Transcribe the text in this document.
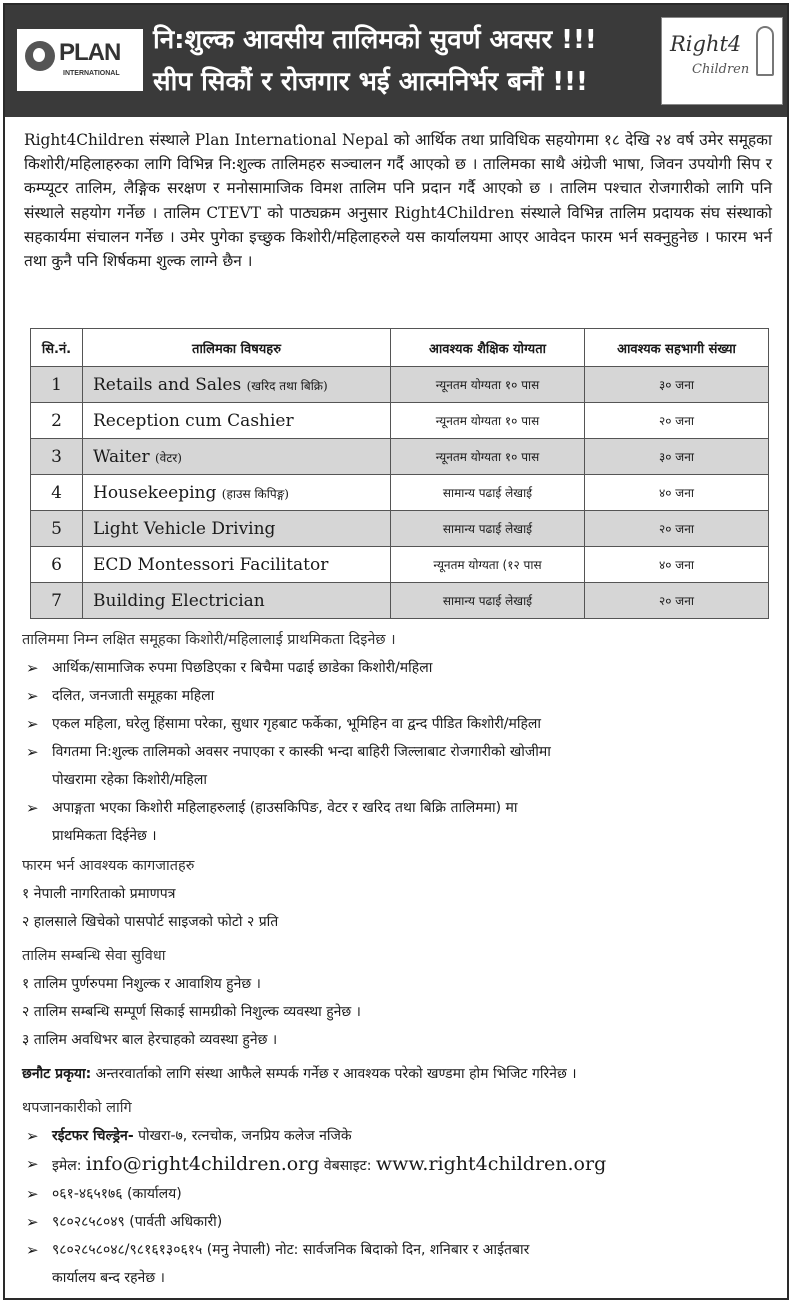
PLAN
INTERNATIONAL
नि:शुल्क आवसीय तालिमको सुवर्ण अवसर !!!
सीप सिकौं र रोजगार भई आत्मनिर्भर बनौं !!!
Right4
Children

Right4Children संस्थाले Plan International Nepal को आर्थिक तथा प्राविधिक सहयोगमा १८ देखि २४ वर्ष उमेर समूहका किशोरी/महिलाहरुका लागि विभिन्न नि:शुल्क तालिमहरु सञ्चालन गर्दै आएको छ । तालिमका साथै अंग्रेजी भाषा, जिवन उपयोगी सिप र कम्प्यूटर तालिम, लैङ्गिक सरक्षण र मनोसामाजिक विमश तालिम पनि प्रदान गर्दै आएको छ । तालिम पश्चात रोजगारीको लागि पनि संस्थाले सहयोग गर्नेछ । तालिम CTEVT को पाठ्यक्रम अनुसार Right4Children संस्थाले विभिन्न तालिम प्रदायक संघ संस्थाको सहकार्यमा संचालन गर्नेछ । उमेर पुगेका इच्छुक किशोरी/महिलाहरुले यस कार्यालयमा आएर आवेदन फारम भर्न सक्नुहुनेछ । फारम भर्न तथा कुनै पनि शिर्षकमा शुल्क लाग्ने छैन ।

सि.नं.	तालिमका विषयहरु	आवश्यक शैक्षिक योग्यता	आवश्यक सहभागी संख्या
1	Retails and Sales (खरिद तथा बिक्रि)	न्यूनतम योग्यता १० पास	३० जना
2	Reception cum Cashier	न्यूनतम योग्यता १० पास	२० जना
3	Waiter (वेटर)	न्यूनतम योग्यता १० पास	३० जना
4	Housekeeping (हाउस किपिङ्ग)	सामान्य पढाई लेखाई	४० जना
5	Light Vehicle Driving	सामान्य पढाई लेखाई	२० जना
6	ECD Montessori Facilitator	न्यूनतम योग्यता (१२ पास	४० जना
7	Building Electrician	सामान्य पढाई लेखाई	२० जना
तालिममा निम्न लक्षित समूहका किशोरी/महिलालाई प्राथमिकता दिइनेछ ।
➢ आर्थिक/सामाजिक रुपमा पिछडिएका र बिचैमा पढाई छाडेका किशोरी/महिला
➢ दलित, जनजाती समूहका महिला
➢ एकल महिला, घरेलु हिंसामा परेका, सुधार गृहबाट फर्केका, भूमिहिन वा द्वन्द पीडित किशोरी/महिला
➢ विगतमा नि:शुल्क तालिमको अवसर नपाएका र कास्की भन्दा बाहिरी जिल्लाबाट रोजगारीको खोजीमा
पोखरामा रहेका किशोरी/महिला
➢ अपाङ्गता भएका किशोरी महिलाहरुलाई (हाउसकिपिङ, वेटर र खरिद तथा बिक्रि तालिममा) मा
प्राथमिकता दिईनेछ ।
फारम भर्न आवश्यक कागजातहरु
१ नेपाली नागरिताको प्रमाणपत्र
२ हालसाले खिचेको पासपोर्ट साइजको फोटो २ प्रति
तालिम सम्बन्धि सेवा सुविधा
१ तालिम पुर्णरुपमा निशुल्क र आवाशिय हुनेछ ।
२ तालिम सम्बन्धि सम्पूर्ण सिकाई सामग्रीको निशुल्क व्यवस्था हुनेछ ।
३ तालिम अवधिभर बाल हेरचाहको व्यवस्था हुनेछ ।
छनौट प्रकृया: अन्तरवार्ताको लागि संस्था आफैले सम्पर्क गर्नेछ र आवश्यक परेको खण्डमा होम भिजिट गरिनेछ ।
थपजानकारीको लागि
➢ रईटफर चिल्ड्रेन- पोखरा-७, रत्नचोक, जनप्रिय कलेज नजिके
➢ इमेल: info@right4children.org वेबसाइट: www.right4children.org
➢ ०६१-४६५१७६ (कार्यालय)
➢ ९८०२८५८०४९ (पार्वती अधिकारी)
➢ ९८०२८५८०४८/९८१६१३०६१५ (मनु नेपाली) नोट: सार्वजनिक बिदाको दिन, शनिबार र आईतबार
कार्यालय बन्द रहनेछ ।
